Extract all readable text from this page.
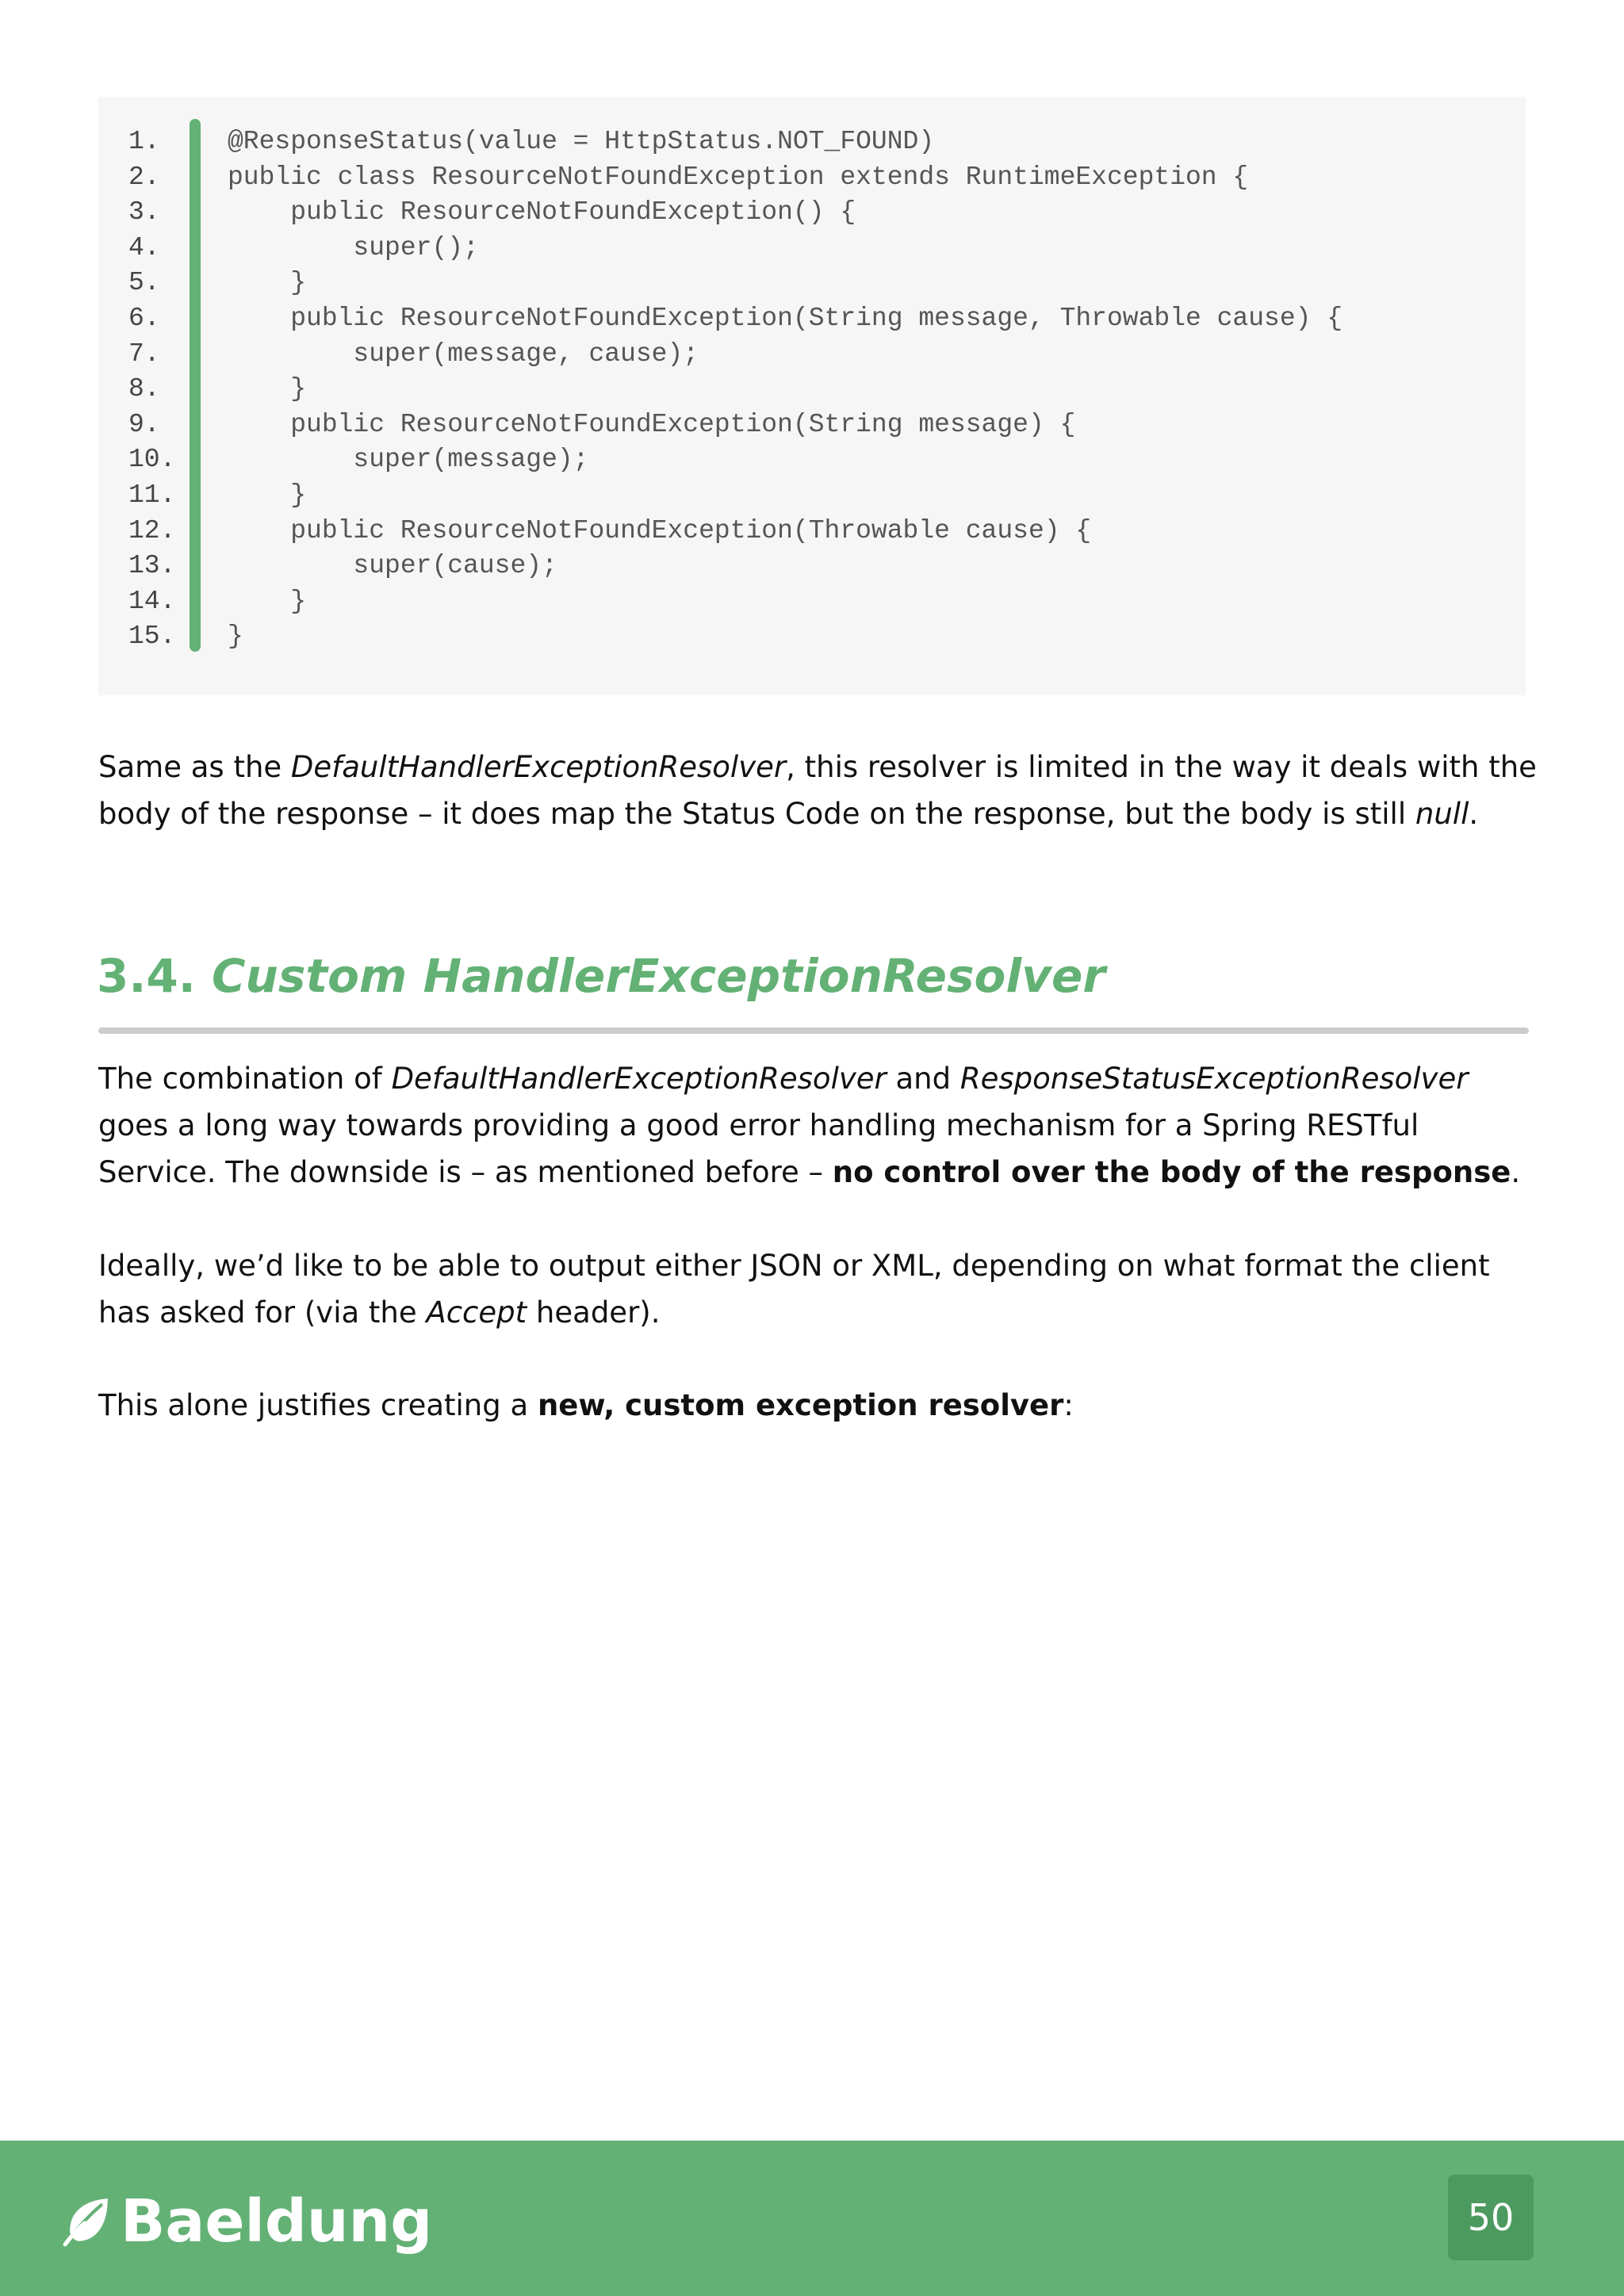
1.
2.
3.
4.
5.
6.
7.
8.
9.
10.
11.
12.
13.
14.
15.
@ResponseStatus(value = HttpStatus.NOT_FOUND)
public class ResourceNotFoundException extends RuntimeException {
public ResourceNotFoundException() {
super();
}
public ResourceNotFoundException(String message, Throwable cause) {
super(message, cause);
}
public ResourceNotFoundException(String message) {
super(message);
}
public ResourceNotFoundException(Throwable cause) {
super(cause);
}
}

Same as the DefaultHandlerExceptionResolver, this resolver is limited in the way it deals with the body of the response – it does map the Status Code on the response, but the body is still null.

3.4. Custom HandlerExceptionResolver

The combination of DefaultHandlerExceptionResolver and ResponseStatusExceptionResolver goes a long way towards providing a good error handling mechanism for a Spring RESTful Service. The downside is – as mentioned before – no control over the body of the response.

Ideally, we’d like to be able to output either JSON or XML, depending on what format the client has asked for (via the Accept header).

This alone justifies creating a new, custom exception resolver:

Baeldung	50
